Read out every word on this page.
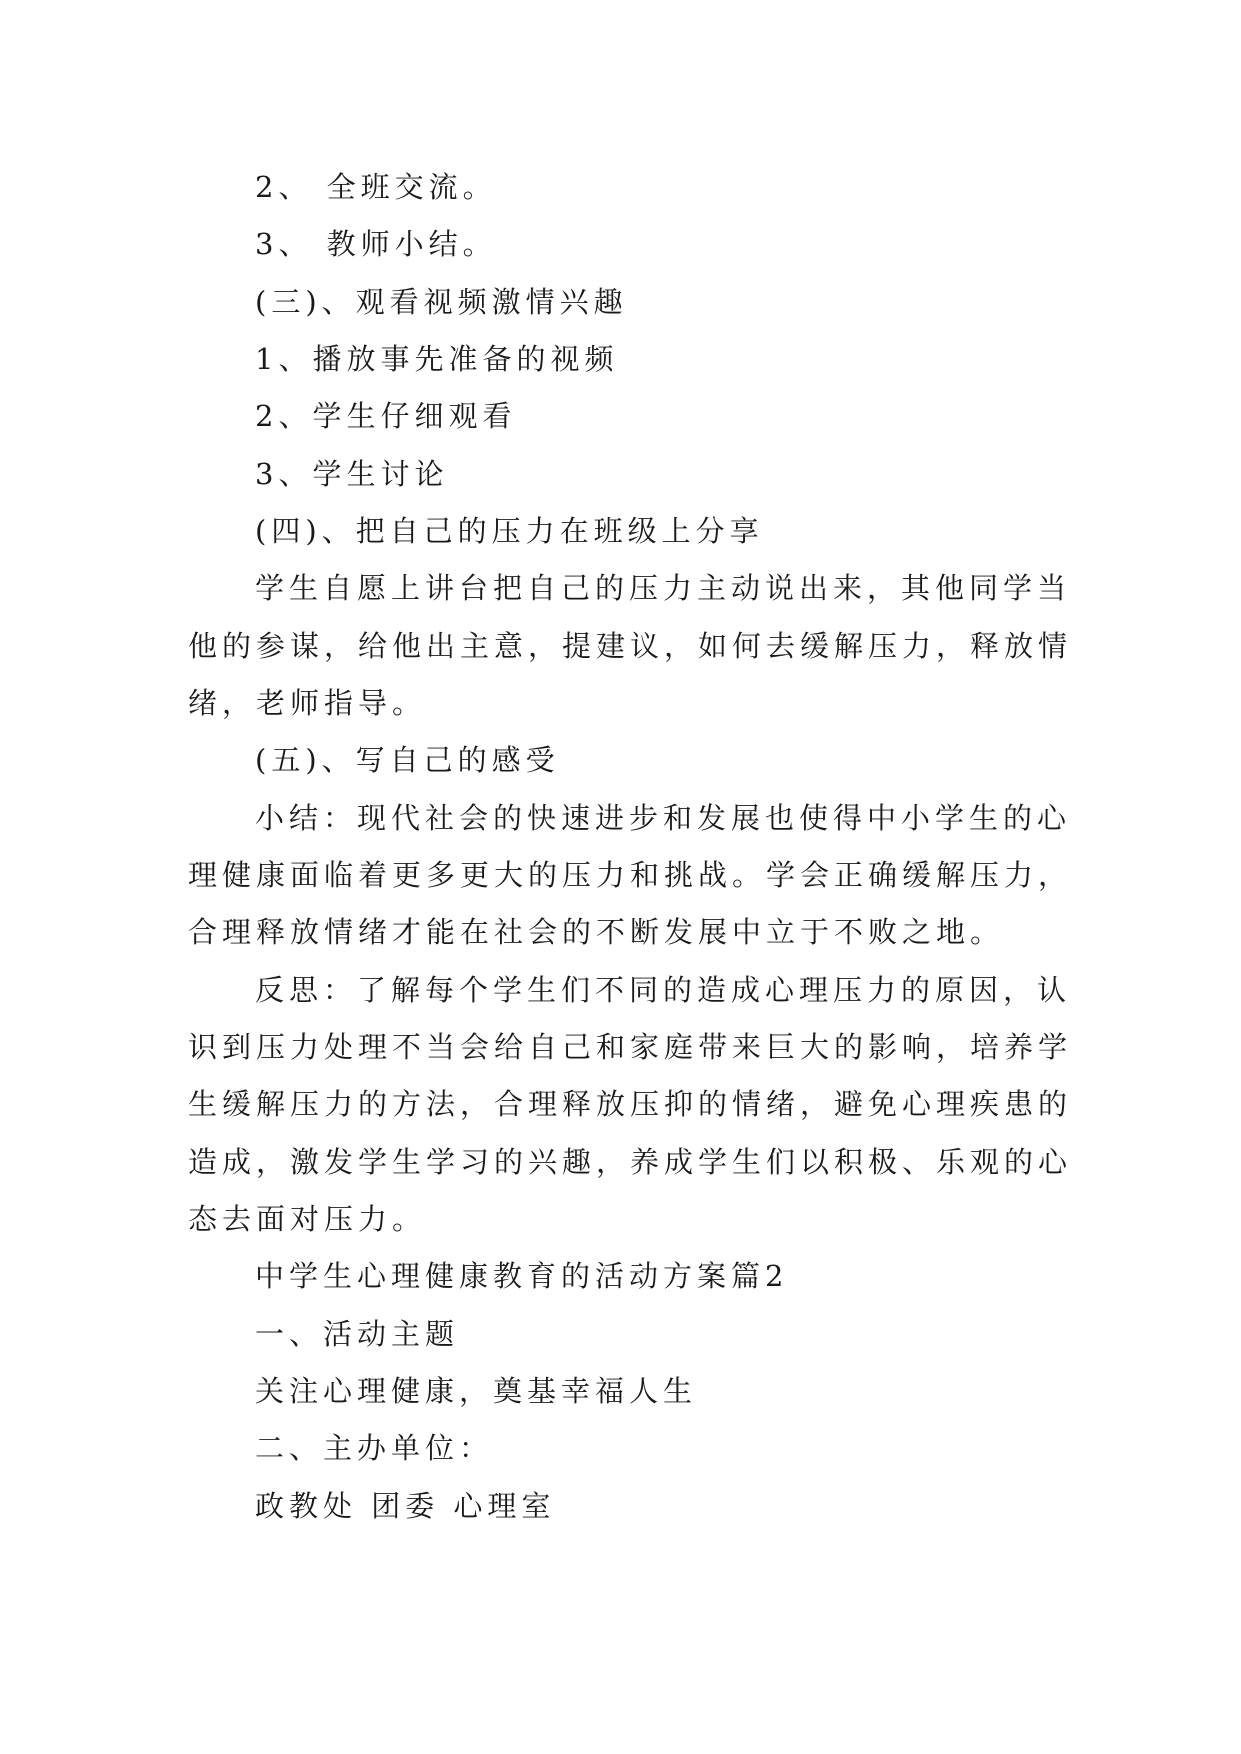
2、 全班交流。

3、 教师小结。

(三)、观看视频激情兴趣

1、播放事先准备的视频

2、学生仔细观看

3、学生讨论

(四)、把自己的压力在班级上分享

学生自愿上讲台把自己的压力主动说出来，其他同学当

他的参谋，给他出主意，提建议，如何去缓解压力，释放情

绪，老师指导。

(五)、写自己的感受

小结：现代社会的快速进步和发展也使得中小学生的心

理健康面临着更多更大的压力和挑战。学会正确缓解压力，

合理释放情绪才能在社会的不断发展中立于不败之地。

反思：了解每个学生们不同的造成心理压力的原因，认

识到压力处理不当会给自己和家庭带来巨大的影响，培养学

生缓解压力的方法，合理释放压抑的情绪，避免心理疾患的

造成，激发学生学习的兴趣，养成学生们以积极、乐观的心

态去面对压力。

中学生心理健康教育的活动方案篇2

一、活动主题

关注心理健康，奠基幸福人生

二、主办单位：

政教处 团委 心理室
